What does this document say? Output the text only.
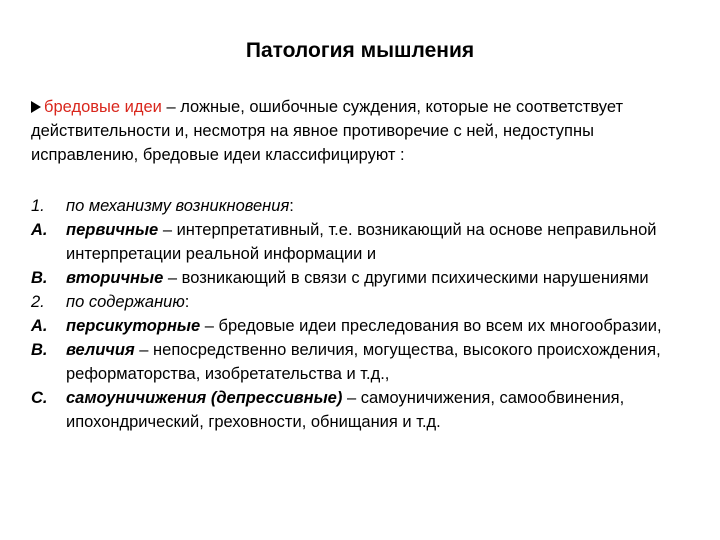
Патология мышления
бредовые идеи – ложные, ошибочные суждения, которые не соответствует действительности и, несмотря на явное противоречие с ней, недоступны исправлению, бредовые идеи классифицируют :
1.	по механизму возникновения:
A.	первичные – интерпретативный, т.е. возникающий на основе неправильной интерпретации реальной информации и
B.	вторичные – возникающий в связи с другими психическими нарушениями
2.	по содержанию:
A.	персикуторные – бредовые идеи преследования во всем их многообразии,
B.	величия – непосредственно величия, могущества, высокого происхождения, реформаторства, изобретательства и т.д.,
C.	самоуничижения (депрессивные) – самоуничижения, самообвинения, ипохондрический, греховности, обнищания и т.д.
